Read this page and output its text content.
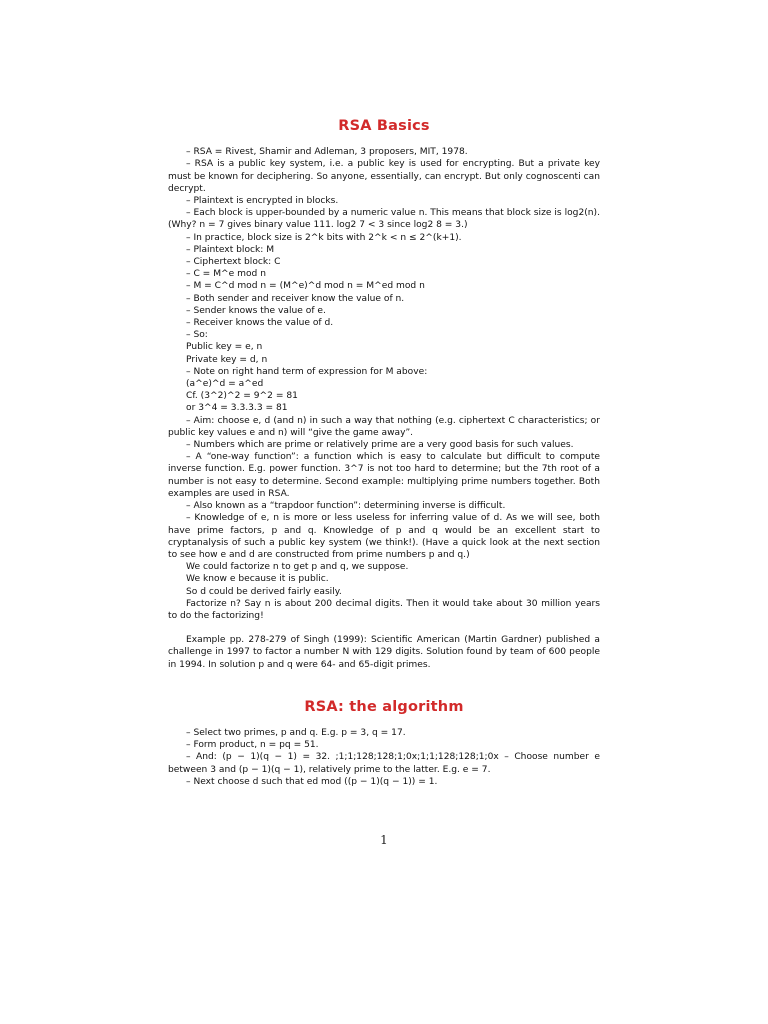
RSA Basics

– RSA = Rivest, Shamir and Adleman, 3 proposers, MIT, 1978.

– RSA is a public key system, i.e. a public key is used for encrypting. But a private key must be known for deciphering. So anyone, essentially, can encrypt. But only cognoscenti can decrypt.

– Plaintext is encrypted in blocks.

– Each block is upper-bounded by a numeric value n. This means that block size is log2(n). (Why? n = 7 gives binary value 111. log2 7 < 3 since log2 8 = 3.)

– In practice, block size is 2^k bits with 2^k < n ≤ 2^(k+1).

– Plaintext block: M

– Ciphertext block: C

– C = M^e mod n

– M = C^d mod n = (M^e)^d mod n = M^ed mod n

– Both sender and receiver know the value of n.

– Sender knows the value of e.

– Receiver knows the value of d.

– So:

Public key = e, n

Private key = d, n

– Note on right hand term of expression for M above:

(a^e)^d = a^ed

Cf. (3^2)^2 = 9^2 = 81

or 3^4 = 3.3.3.3 = 81

– Aim: choose e, d (and n) in such a way that nothing (e.g. ciphertext C characteristics; or public key values e and n) will “give the game away”.

– Numbers which are prime or relatively prime are a very good basis for such values.

– A “one-way function”: a function which is easy to calculate but difficult to compute inverse function. E.g. power function. 3^7 is not too hard to determine; but the 7th root of a number is not easy to determine. Second example: multiplying prime numbers together. Both examples are used in RSA.

– Also known as a “trapdoor function”: determining inverse is difficult.

– Knowledge of e, n is more or less useless for inferring value of d. As we will see, both have prime factors, p and q. Knowledge of p and q would be an excellent start to cryptanalysis of such a public key system (we think!). (Have a quick look at the next section to see how e and d are constructed from prime numbers p and q.)

We could factorize n to get p and q, we suppose.

We know e because it is public.

So d could be derived fairly easily.

Factorize n? Say n is about 200 decimal digits. Then it would take about 30 million years to do the factorizing!

Example pp. 278-279 of Singh (1999): Scientific American (Martin Gardner) published a challenge in 1997 to factor a number N with 129 digits. Solution found by team of 600 people in 1994. In solution p and q were 64- and 65-digit primes.

RSA: the algorithm

– Select two primes, p and q. E.g. p = 3, q = 17.

– Form product, n = pq = 51.

– And: (p − 1)(q − 1) = 32. ;1;1;128;128;1;0x;1;1;128;128;1;0x – Choose number e between 3 and (p − 1)(q − 1), relatively prime to the latter. E.g. e = 7.

– Next choose d such that ed mod ((p − 1)(q − 1)) = 1.

1
